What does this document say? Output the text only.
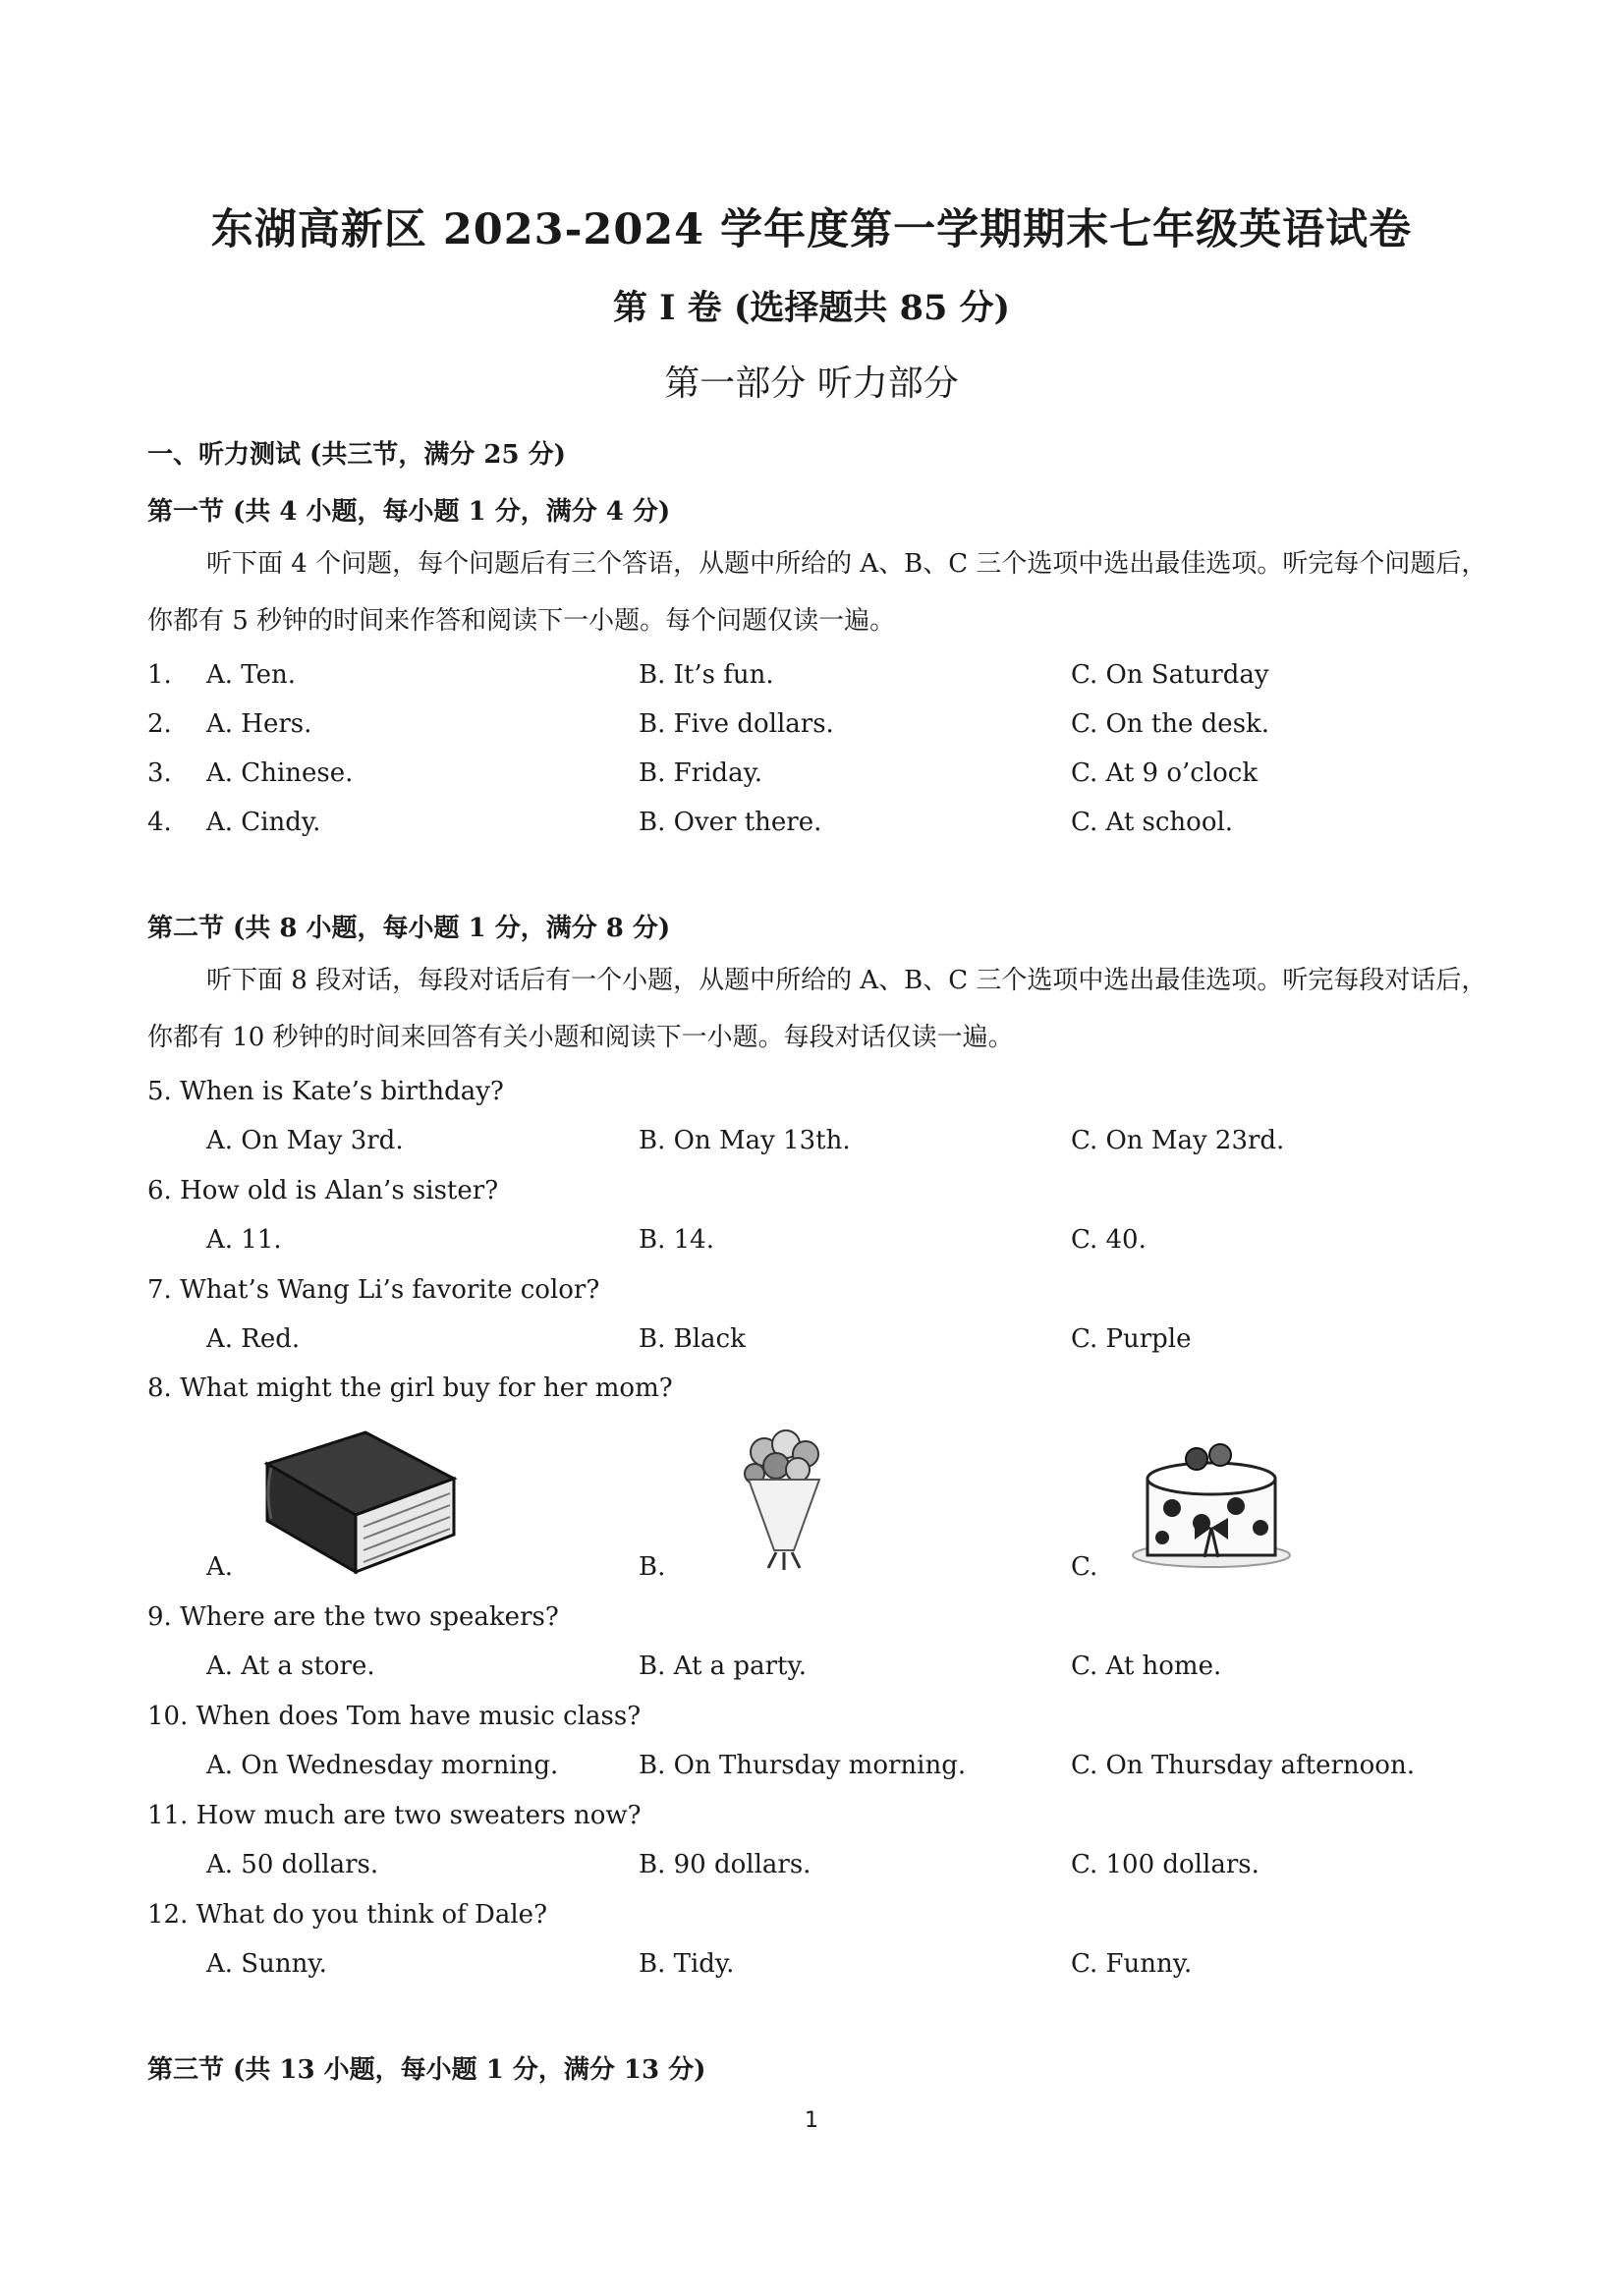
东湖高新区 2023-2024 学年度第一学期期末七年级英语试卷
第 I 卷 (选择题共 85 分)
第一部分 听力部分
一、听力测试 (共三节，满分 25 分)
第一节 (共 4 小题，每小题 1 分，满分 4 分)
听下面 4 个问题，每个问题后有三个答语，从题中所给的 A、B、C 三个选项中选出最佳选项。听完每个问题后，你都有 5 秒钟的时间来作答和阅读下一小题。每个问题仅读一遍。
1. A. Ten.	B. It’s fun.	C. On Saturday
2. A. Hers.	B. Five dollars.	C. On the desk.
3. A. Chinese.	B. Friday.	C. At 9 o’clock
4. A. Cindy.	B. Over there.	C. At school.
第二节 (共 8 小题，每小题 1 分，满分 8 分)
听下面 8 段对话，每段对话后有一个小题，从题中所给的 A、B、C 三个选项中选出最佳选项。听完每段对话后，你都有 10 秒钟的时间来回答有关小题和阅读下一小题。每段对话仅读一遍。
5. When is Kate’s birthday?
A. On May 3rd.	B. On May 13th.	C. On May 23rd.
6. How old is Alan’s sister?
A. 11.	B. 14.	C. 40.
7. What’s Wang Li’s favorite color?
A. Red.	B. Black	C. Purple
8. What might the girl buy for her mom?
A.	B.	C.
9. Where are the two speakers?
A. At a store.	B. At a party.	C. At home.
10. When does Tom have music class?
A. On Wednesday morning.	B. On Thursday morning.	C. On Thursday afternoon.
11. How much are two sweaters now?
A. 50 dollars.	B. 90 dollars.	C. 100 dollars.
12. What do you think of Dale?
A. Sunny.	B. Tidy.	C. Funny.
第三节 (共 13 小题，每小题 1 分，满分 13 分)
1
